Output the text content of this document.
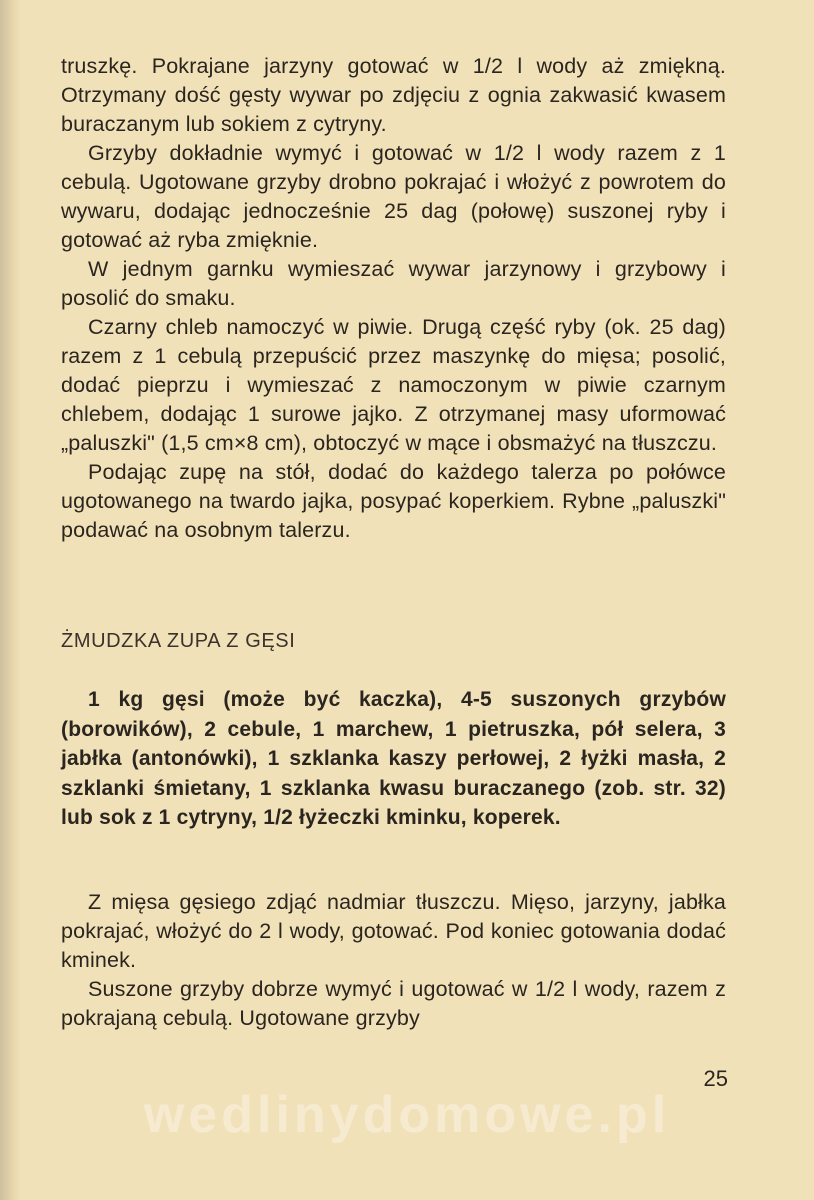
truszkę. Pokrajane jarzyny gotować w 1/2 l wody aż zmiękną. Otrzymany dość gęsty wywar po zdjęciu z ognia zakwasić kwasem buraczanym lub sokiem z cytryny.

Grzyby dokładnie wymyć i gotować w 1/2 l wody razem z 1 cebulą. Ugotowane grzyby drobno pokrajać i włożyć z powrotem do wywaru, dodając jednocześnie 25 dag (połowę) suszonej ryby i gotować aż ryba zmięknie.

W jednym garnku wymieszać wywar jarzynowy i grzybowy i posolić do smaku.

Czarny chleb namoczyć w piwie. Drugą część ryby (ok. 25 dag) razem z 1 cebulą przepuścić przez maszynkę do mięsa; posolić, dodać pieprzu i wymieszać z namoczonym w piwie czarnym chlebem, dodając 1 surowe jajko. Z otrzymanej masy uformować „paluszki" (1,5 cm×8 cm), obtoczyć w mące i obsmażyć na tłuszczu.

Podając zupę na stół, dodać do każdego talerza po połówce ugotowanego na twardo jajka, posypać koperkiem. Rybne „paluszki" podawać na osobnym talerzu.

ŻMUDZKA ZUPA Z GĘSI

1 kg gęsi (może być kaczka), 4-5 suszonych grzybów (borowików), 2 cebule, 1 marchew, 1 pietruszka, pół selera, 3 jabłka (antonówki), 1 szklanka kaszy perłowej, 2 łyżki masła, 2 szklanki śmietany, 1 szklanka kwasu buraczanego (zob. str. 32) lub sok z 1 cytryny, 1/2 łyżeczki kminku, koperek.

Z mięsa gęsiego zdjąć nadmiar tłuszczu. Mięso, jarzyny, jabłka pokrajać, włożyć do 2 l wody, gotować. Pod koniec gotowania dodać kminek.

Suszone grzyby dobrze wymyć i ugotować w 1/2 l wody, razem z pokrajaną cebulą. Ugotowane grzyby

25
wedlinydomowe.pl
